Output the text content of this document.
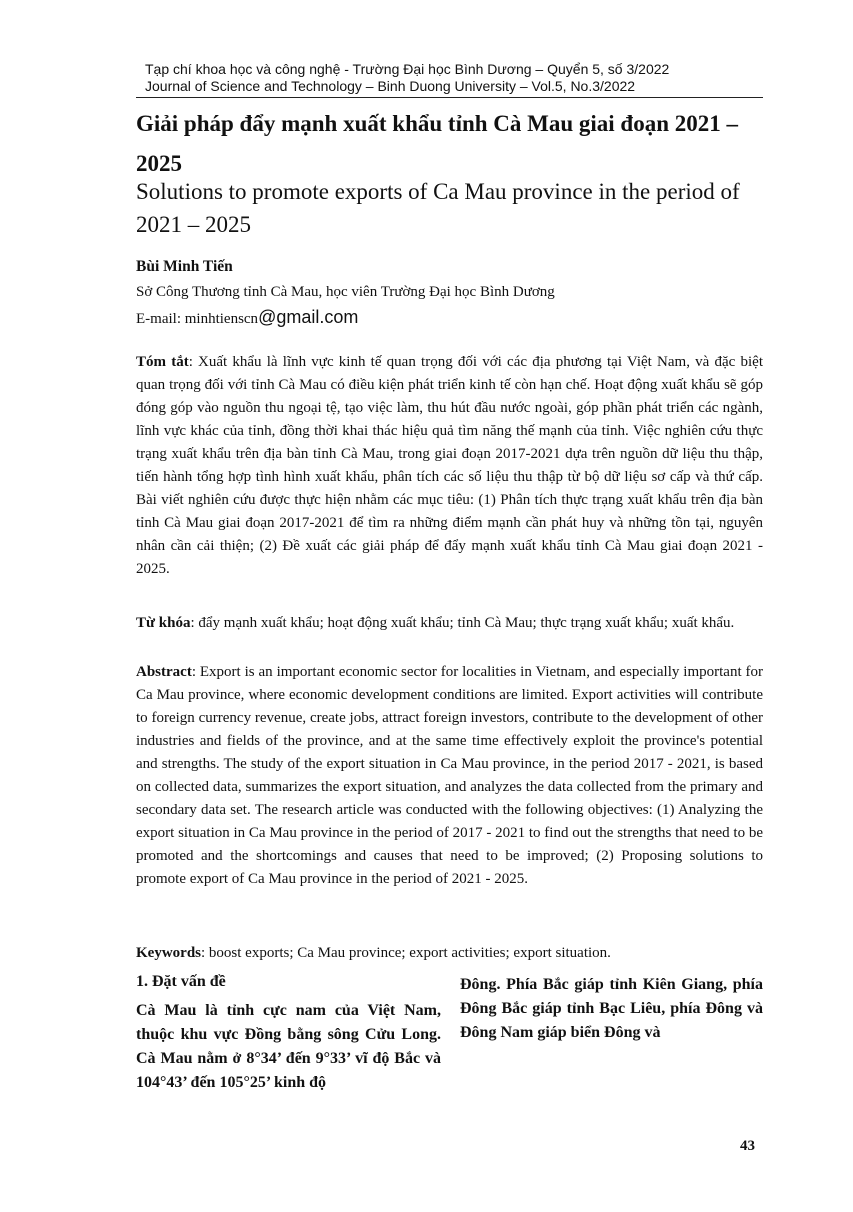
Tạp chí khoa học và công nghệ - Trường Đại học Bình Dương – Quyển 5, số 3/2022
Journal of Science and Technology – Binh Duong University – Vol.5, No.3/2022
Giải pháp đẩy mạnh xuất khẩu tỉnh Cà Mau giai đoạn 2021 – 2025
Solutions to promote exports of Ca Mau province in the period of 2021 – 2025
Bùi Minh Tiến
Sở Công Thương tỉnh Cà Mau, học viên Trường Đại học Bình Dương
E-mail: minhtienscn@gmail.com

Tóm tắt: Xuất khẩu là lĩnh vực kinh tế quan trọng đối với các địa phương tại Việt Nam, và đặc biệt quan trọng đối với tỉnh Cà Mau có điều kiện phát triển kinh tế còn hạn chế. Hoạt động xuất khẩu sẽ góp đóng góp vào nguồn thu ngoại tệ, tạo việc làm, thu hút đầu nước ngoài, góp phần phát triển các ngành, lĩnh vực khác của tỉnh, đồng thời khai thác hiệu quả tìm năng thế mạnh của tỉnh. Việc nghiên cứu thực trạng xuất khẩu trên địa bàn tỉnh Cà Mau, trong giai đoạn 2017-2021 dựa trên nguồn dữ liệu thu thập, tiến hành tổng hợp tình hình xuất khẩu, phân tích các số liệu thu thập từ bộ dữ liệu sơ cấp và thứ cấp. Bài viết nghiên cứu được thực hiện nhằm các mục tiêu: (1) Phân tích thực trạng xuất khẩu trên địa bàn tỉnh Cà Mau giai đoạn 2017-2021 để tìm ra những điểm mạnh cần phát huy và những tồn tại, nguyên nhân cần cải thiện; (2) Đề xuất các giải pháp để đẩy mạnh xuất khẩu tỉnh Cà Mau giai đoạn 2021 - 2025.

Từ khóa: đẩy mạnh xuất khẩu; hoạt động xuất khẩu; tỉnh Cà Mau; thực trạng xuất khẩu; xuất khẩu.

Abstract: Export is an important economic sector for localities in Vietnam, and especially important for Ca Mau province, where economic development conditions are limited. Export activities will contribute to foreign currency revenue, create jobs, attract foreign investors, contribute to the development of other industries and fields of the province, and at the same time effectively exploit the province's potential and strengths. The study of the export situation in Ca Mau province, in the period 2017 - 2021, is based on collected data, summarizes the export situation, and analyzes the data collected from the primary and secondary data set. The research article was conducted with the following objectives: (1) Analyzing the export situation in Ca Mau province in the period of 2017 - 2021 to find out the strengths that need to be promoted and the shortcomings and causes that need to be improved; (2) Proposing solutions to promote export of Ca Mau province in the period of 2021 - 2025.

Keywords: boost exports; Ca Mau province; export activities; export situation.

1. Đặt vấn đề

Cà Mau là tỉnh cực nam của Việt Nam, thuộc khu vực Đồng bằng sông Cửu Long. Cà Mau nằm ở 8°34’ đến 9°33’ vĩ độ Bắc và 104°43’ đến 105°25’ kinh độ

Đông. Phía Bắc giáp tỉnh Kiên Giang, phía Đông Bắc giáp tỉnh Bạc Liêu, phía Đông và Đông Nam giáp biển Đông và

43
